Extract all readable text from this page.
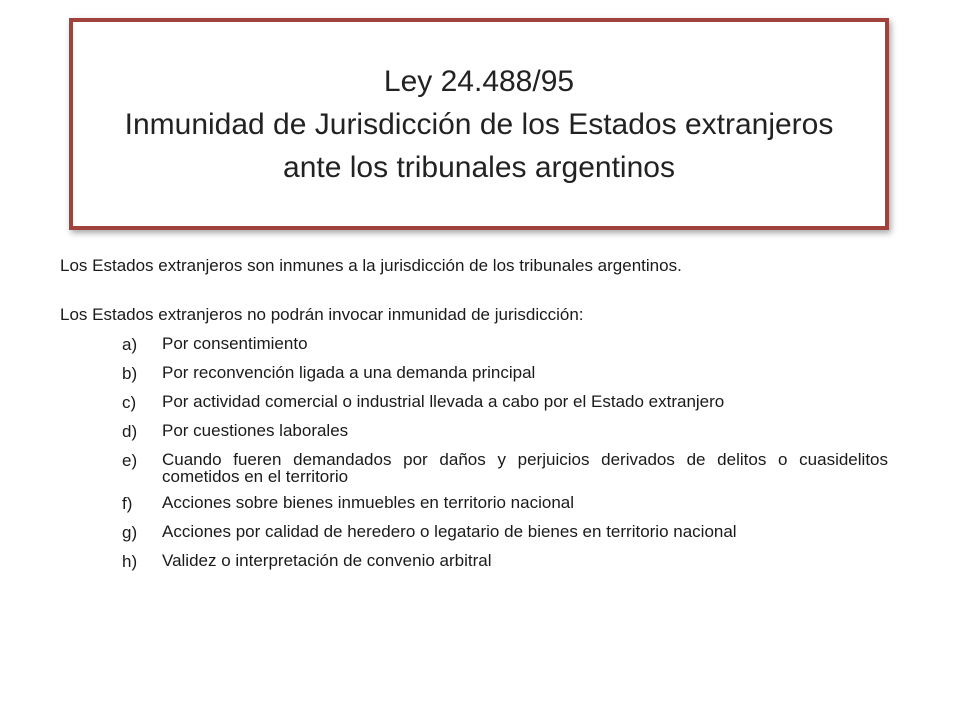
Ley 24.488/95
Inmunidad de Jurisdicción de los Estados extranjeros
ante los tribunales argentinos

Los Estados extranjeros son inmunes a la jurisdicción de los tribunales argentinos.

Los Estados extranjeros no podrán invocar inmunidad de jurisdicción:

a)	Por consentimiento
b)	Por reconvención ligada a una demanda principal
c)	Por actividad comercial o industrial llevada a cabo por el Estado extranjero
d)	Por cuestiones laborales
e)	Cuando fueren demandados por daños y perjuicios derivados de delitos o cuasidelitos cometidos en el territorio
f)	Acciones sobre bienes inmuebles en territorio nacional
g)	Acciones por calidad de heredero o legatario de bienes en territorio nacional
h)	Validez o interpretación de convenio arbitral
